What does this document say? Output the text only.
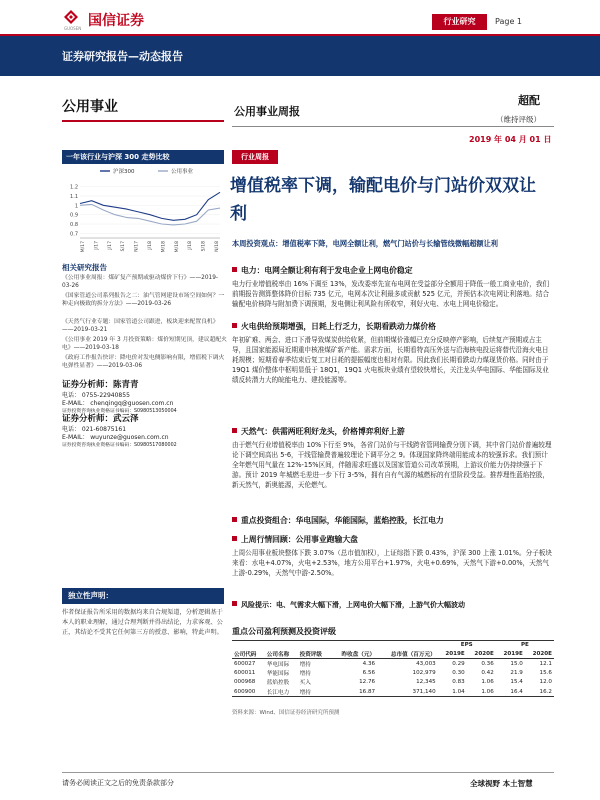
国信证券
GUOSEN
行业研究	Page 1
证券研究报告—动态报告
公用事业	公用事业周报
超配
（维持评级）
2019 年 04 月 01 日
一年该行业与沪深 300 走势比较
沪深300	公用事业
1.2
1.1
1
0.9
0.8
0.7
M/17 J/17 J/17 S/17 N/17 J/18 M/18 M/18 J/18 S/18 N/18
相关研究报告
《公用事业周报：煤矿复产预期或驱动煤价下行》——2019-03-26
《国家管道公司系列报告之二：油气管网建设市场空间如何？一种走向极致的拆分方法》——2019-03-26
《天然气行业专题：国家管道公司跟进，板块迎来配置良机》——2019-03-21
《公用事业 2019 年 3 月投资策略：煤价短期见顶，建议超配火电》——2019-03-18
《政府工作报告快评：降电价对发电侧影响有限，增值税下调火电弹性显著》——2019-03-06
证券分析师：陈青青
电话： 0755-22940855
E-MAIL： chenqingq@guosen.com.cn
证券投资咨询执业资格证书编码：S0980513050004
证券分析师：武云泽
电话： 021-60875161
E-MAIL： wuyunze@guosen.com.cn
证券投资咨询执业资格证书编码：S0980517080002
独立性声明：
作者保证报告所采用的数据均来自合规渠道，分析逻辑基于本人的职业理解，通过合理判断并得出结论，力求客观、公正，其结论不受其它任何第三方的授意、影响，特此声明。
行业周报
增值税率下调，输配电价与门站价双双让利
本周投资观点：增值税率下降，电网全额让利，燃气门站价与长输管线微幅超额让利
电力：电网全额让利有利于发电企业上网电价稳定
电力行业增值税率由 16%下调至 13%，发改委率先宣布电网在受益部分全额用于降低一般工商业电价，我们前期报告测算整体降价目标 735 亿元，电网本次让利最多或贡献 525 亿元，并预估本次电网让利落地。结合输配电价核降与附加费下调预期，发电侧让利风险有所收窄，利好火电、水电上网电价稳定。
火电供给预期增强，日耗上行乏力，长期看跌动力煤价格
年初矿难、两会、进口下滑导致煤炭供给收紧，但前期煤价涨幅已充分反映停产影响，后续复产预期或占主导，且国家能源局近期重申核准煤矿新产能。需求方面，长期看特高压外送与沿海核电投运将替代沿海火电日耗规模；短期看春季结束后复工对日耗的提振幅度也相对有限。因此我们长期看跌动力煤现货价格。同时由于 19Q1 煤价整体中枢明显低于 18Q1，19Q1 火电板块业绩有望较快增长，关注龙头华电国际、华能国际及业绩反转潜力大的皖能电力、建投能源等。
天然气：供需两旺利好龙头，价格博弈利好上游
由于燃气行业增值税率由 10%下行至 9%，各省门站价与干线跨省管网输费分别下调，其中省门站价普遍较理论下调空间高出 5-6，干线管输费普遍较理论下调平分之 9。体现国家降终端用能成本的较强诉求。我们预计全年燃气用气量在 12%-15%区间，伴随需求旺盛以及国家管道公司改革预期，上游议价能力仍持续强于下游。预计 2019 年城燃毛差进一步下行 3-5%，拥有自有气源的城燃标的有望阶段受益。推荐理性蓝焰控股，新天然气，新奥能源，天伦燃气。
重点投资组合：华电国际，华能国际，蓝焰控股，长江电力
上周行情回顾：公用事业跑输大盘
上周公用事业板块整体下跌 3.07%（总市值加权），上证综指下跌 0.43%，沪深 300 上涨 1.01%。分子板块来看：水电+4.07%，火电+2.53%，地方公用平台+1.97%，火电+0.69%，天然气下游+0.00%，天然气上游-0.29%，天然气中游-2.50%。
风险提示：电、气需求大幅下滑，上网电价大幅下滑，上游气价大幅波动
重点公司盈利预测及投资评级
					EPS		PE	
公司代码	公司名称	投资评级	昨收盘（元）	总市值（百万元）	2019E	2020E	2019E	2020E
600027	华电国际	增持	4.36	43,003	0.29	0.36	15.0	12.1
600011	华能国际	增持	6.56	102,979	0.30	0.42	21.9	15.6
000968	蓝焰控股	买入	12.76	12,345	0.83	1.06	15.4	12.0
600900	长江电力	增持	16.87	371,140	1.04	1.06	16.4	16.2
资料来源：Wind、国信证券经济研究所预测
请务必阅读正文之后的免责条款部分	全球视野 本土智慧
